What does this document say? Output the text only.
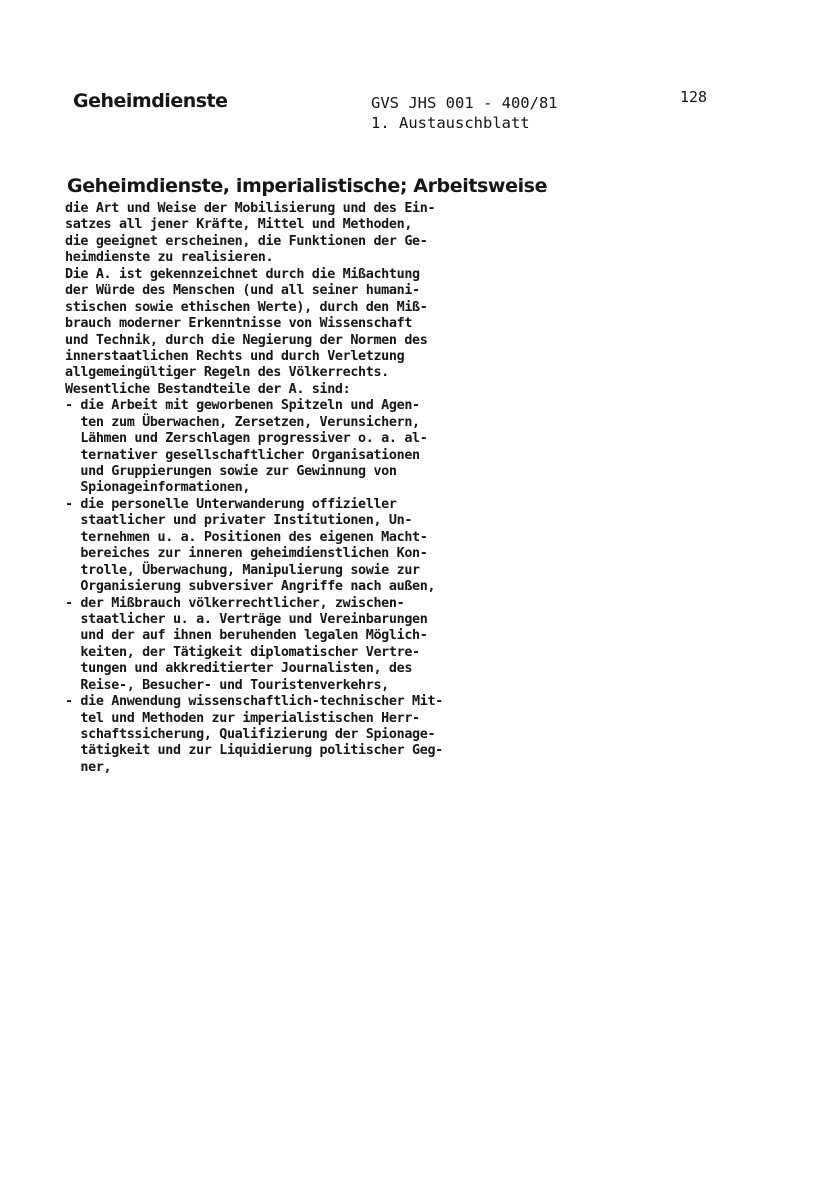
Geheimdienste	GVS JHS 001 - 400/81
1. Austauschblatt
128
Geheimdienste, imperialistische; Arbeitsweise
die Art und Weise der Mobilisierung und des Ein-
satzes all jener Kräfte, Mittel und Methoden,
die geeignet erscheinen, die Funktionen der Ge-
heimdienste zu realisieren.
Die A. ist gekennzeichnet durch die Mißachtung
der Würde des Menschen (und all seiner humani-
stischen sowie ethischen Werte), durch den Miß-
brauch moderner Erkenntnisse von Wissenschaft
und Technik, durch die Negierung der Normen des
innerstaatlichen Rechts und durch Verletzung
allgemeingültiger Regeln des Völkerrechts.
Wesentliche Bestandteile der A. sind:
- die Arbeit mit geworbenen Spitzeln und Agen-
ten zum Überwachen, Zersetzen, Verunsichern,
Lähmen und Zerschlagen progressiver o. a. al-
ternativer gesellschaftlicher Organisationen
und Gruppierungen sowie zur Gewinnung von
Spionageinformationen,
- die personelle Unterwanderung offizieller
staatlicher und privater Institutionen, Un-
ternehmen u. a. Positionen des eigenen Macht-
bereiches zur inneren geheimdienstlichen Kon-
trolle, Überwachung, Manipulierung sowie zur
Organisierung subversiver Angriffe nach außen,
- der Mißbrauch völkerrechtlicher, zwischen-
staatlicher u. a. Verträge und Vereinbarungen
und der auf ihnen beruhenden legalen Möglich-
keiten, der Tätigkeit diplomatischer Vertre-
tungen und akkreditierter Journalisten, des
Reise-, Besucher- und Touristenverkehrs,
- die Anwendung wissenschaftlich-technischer Mit-
tel und Methoden zur imperialistischen Herr-
schaftssicherung, Qualifizierung der Spionage-
tätigkeit und zur Liquidierung politischer Geg-
ner,
